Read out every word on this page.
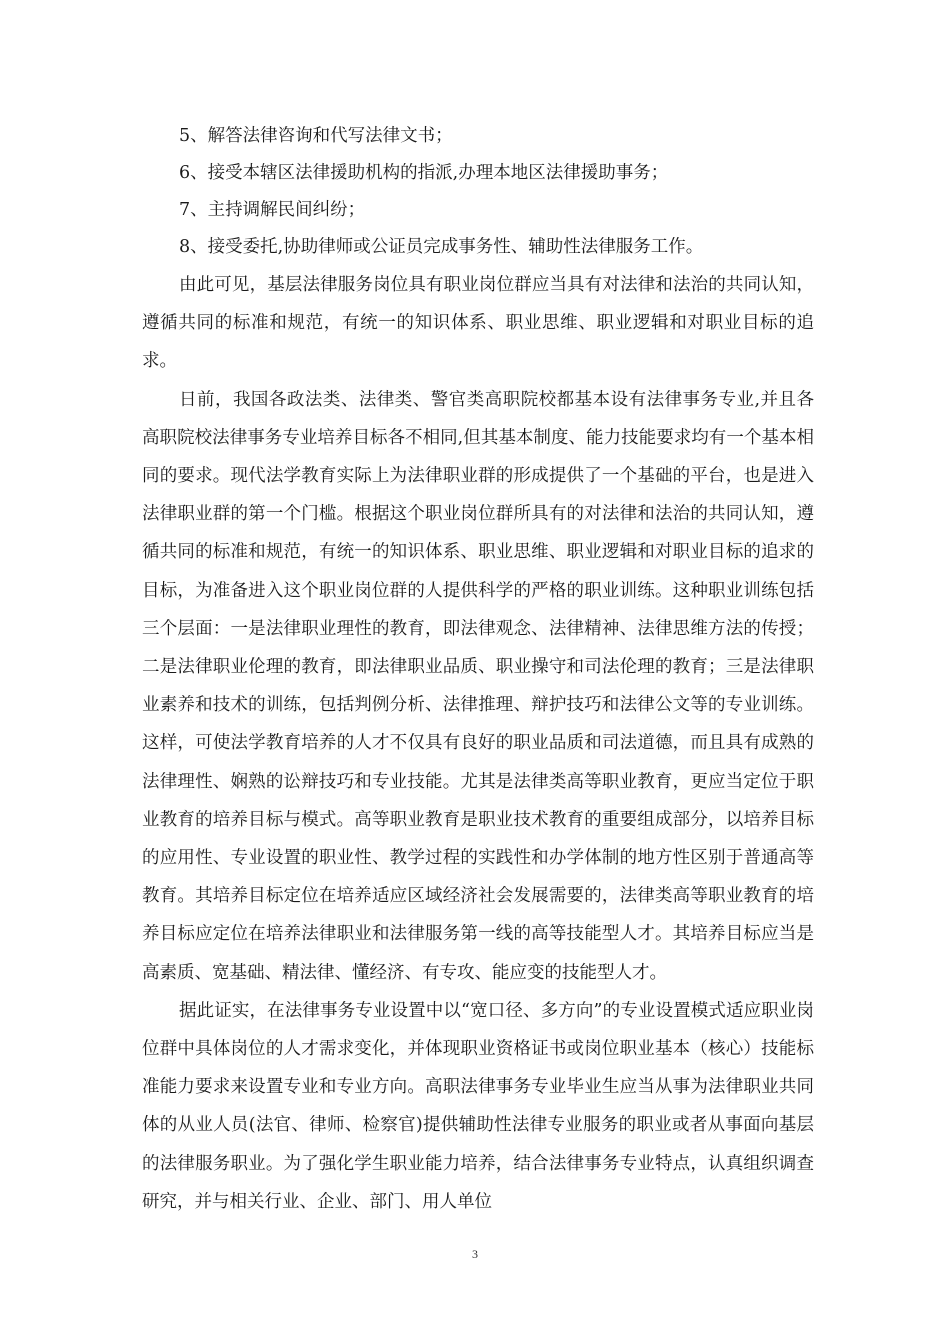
5、解答法律咨询和代写法律文书；

6、接受本辖区法律援助机构的指派,办理本地区法律援助事务；

7、主持调解民间纠纷；

8、接受委托,协助律师或公证员完成事务性、辅助性法律服务工作。

由此可见，基层法律服务岗位具有职业岗位群应当具有对法律和法治的共同认知，遵循共同的标准和规范，有统一的知识体系、职业思维、职业逻辑和对职业目标的追求。

日前，我国各政法类、法律类、警官类高职院校都基本设有法律事务专业,并且各高职院校法律事务专业培养目标各不相同,但其基本制度、能力技能要求均有一个基本相同的要求。现代法学教育实际上为法律职业群的形成提供了一个基础的平台，也是进入法律职业群的第一个门槛。根据这个职业岗位群所具有的对法律和法治的共同认知，遵循共同的标准和规范，有统一的知识体系、职业思维、职业逻辑和对职业目标的追求的目标，为准备进入这个职业岗位群的人提供科学的严格的职业训练。这种职业训练包括三个层面：一是法律职业理性的教育，即法律观念、法律精神、法律思维方法的传授；二是法律职业伦理的教育，即法律职业品质、职业操守和司法伦理的教育；三是法律职业素养和技术的训练，包括判例分析、法律推理、辩护技巧和法律公文等的专业训练。这样，可使法学教育培养的人才不仅具有良好的职业品质和司法道德，而且具有成熟的法律理性、娴熟的讼辩技巧和专业技能。尤其是法律类高等职业教育，更应当定位于职业教育的培养目标与模式。高等职业教育是职业技术教育的重要组成部分，以培养目标的应用性、专业设置的职业性、教学过程的实践性和办学体制的地方性区别于普通高等教育。其培养目标定位在培养适应区域经济社会发展需要的，法律类高等职业教育的培养目标应定位在培养法律职业和法律服务第一线的高等技能型人才。其培养目标应当是高素质、宽基础、精法律、懂经济、有专攻、能应变的技能型人才。

据此证实，在法律事务专业设置中以“宽口径、多方向”的专业设置模式适应职业岗位群中具体岗位的人才需求变化，并体现职业资格证书或岗位职业基本（核心）技能标准能力要求来设置专业和专业方向。高职法律事务专业毕业生应当从事为法律职业共同体的从业人员(法官、律师、检察官)提供辅助性法律专业服务的职业或者从事面向基层的法律服务职业。为了强化学生职业能力培养，结合法律事务专业特点，认真组织调查研究，并与相关行业、企业、部门、用人单位

3
